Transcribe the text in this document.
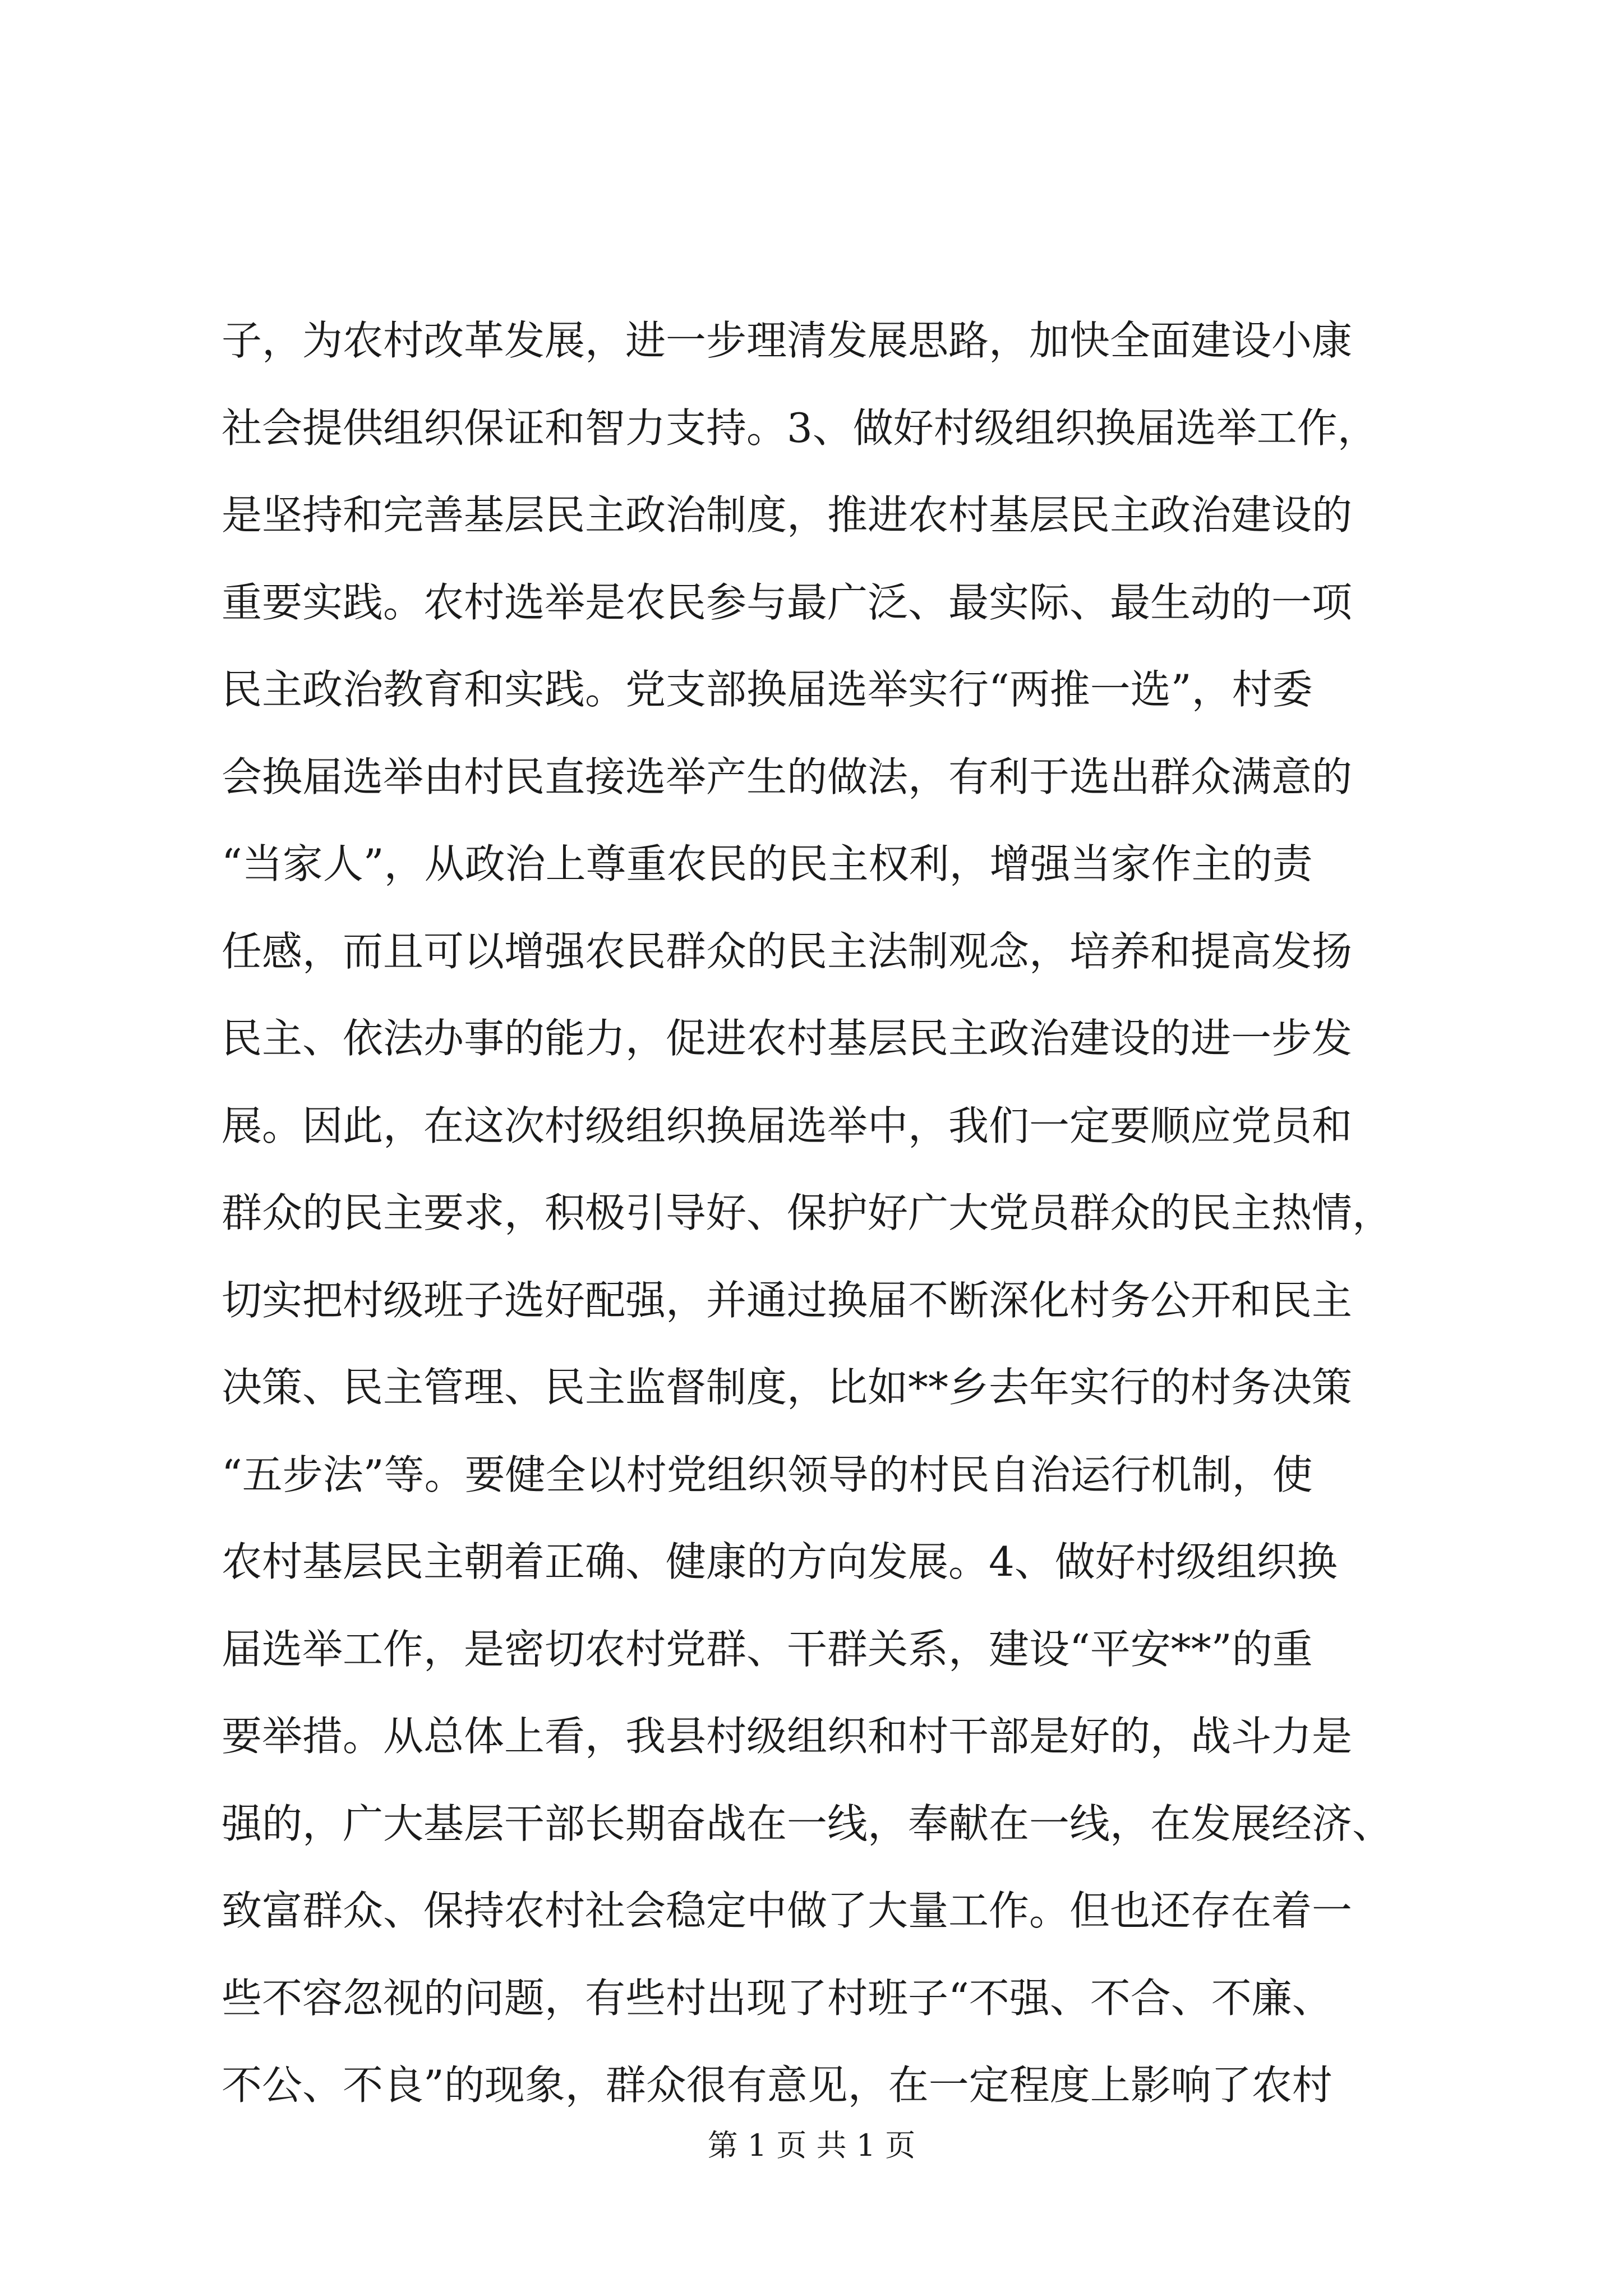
子，为农村改革发展，进一步理清发展思路，加快全面建设小康
社会提供组织保证和智力支持。3、做好村级组织换届选举工作，
是坚持和完善基层民主政治制度，推进农村基层民主政治建设的
重要实践。农村选举是农民参与最广泛、最实际、最生动的一项
民主政治教育和实践。党支部换届选举实行“两推一选”，村委
会换届选举由村民直接选举产生的做法，有利于选出群众满意的
“当家人”，从政治上尊重农民的民主权利，增强当家作主的责
任感，而且可以增强农民群众的民主法制观念，培养和提高发扬
民主、依法办事的能力，促进农村基层民主政治建设的进一步发
展。因此，在这次村级组织换届选举中，我们一定要顺应党员和
群众的民主要求，积极引导好、保护好广大党员群众的民主热情，
切实把村级班子选好配强，并通过换届不断深化村务公开和民主
决策、民主管理、民主监督制度，比如**乡去年实行的村务决策
“五步法”等。要健全以村党组织领导的村民自治运行机制，使
农村基层民主朝着正确、健康的方向发展。4、做好村级组织换
届选举工作，是密切农村党群、干群关系，建设“平安**”的重
要举措。从总体上看，我县村级组织和村干部是好的，战斗力是
强的，广大基层干部长期奋战在一线，奉献在一线，在发展经济、
致富群众、保持农村社会稳定中做了大量工作。但也还存在着一
些不容忽视的问题，有些村出现了村班子“不强、不合、不廉、
不公、不良”的现象，群众很有意见，在一定程度上影响了农村
第 1 页 共 1 页
